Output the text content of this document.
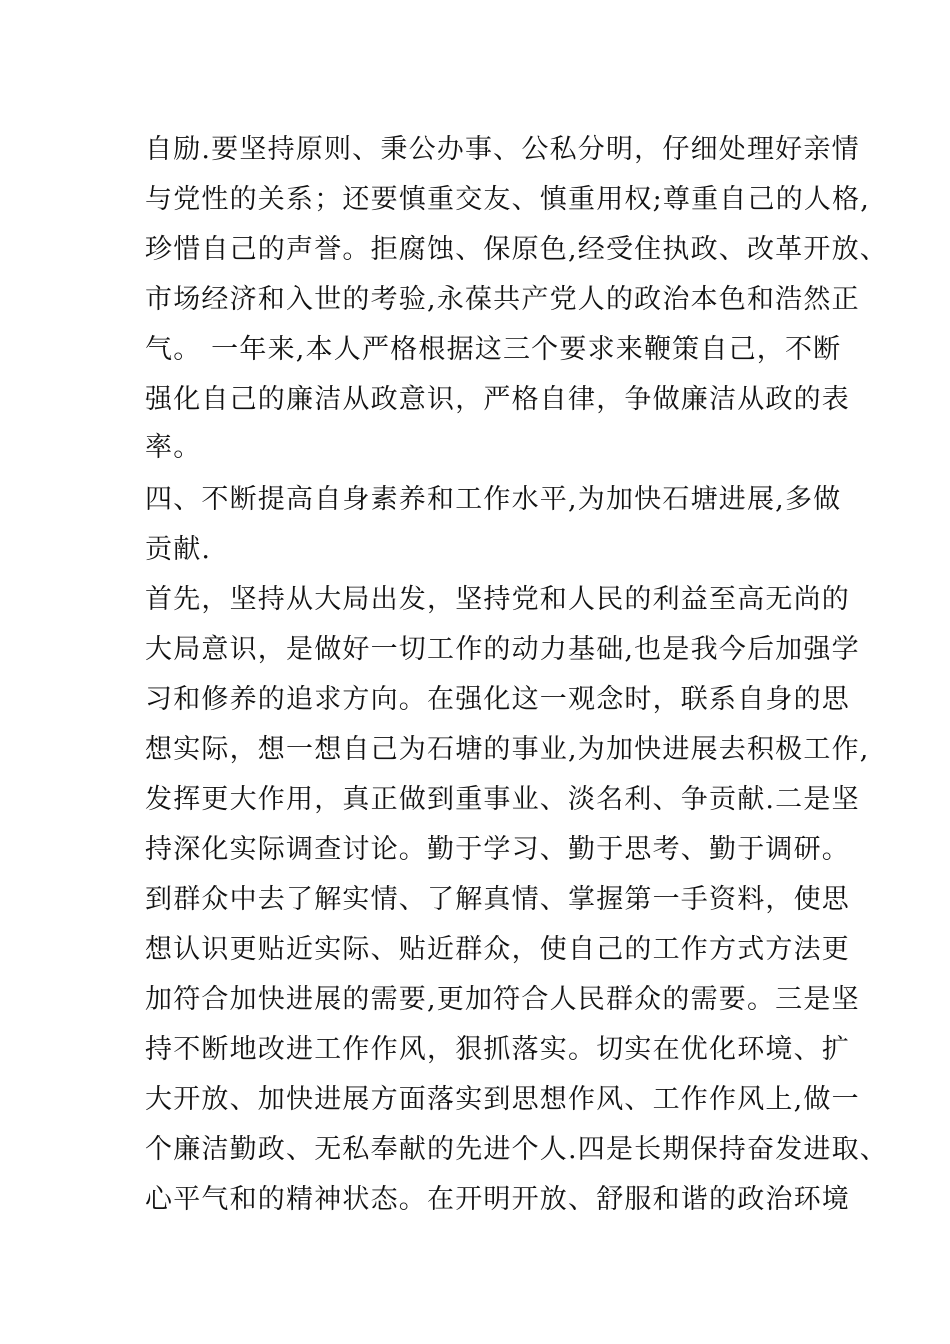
自励.要坚持原则、秉公办事、公私分明，仔细处理好亲情
与党性的关系；还要慎重交友、慎重用权;尊重自己的人格,
珍惜自己的声誉。拒腐蚀、保原色,经受住执政、改革开放、
市场经济和入世的考验,永葆共产党人的政治本色和浩然正
气。 一年来,本人严格根据这三个要求来鞭策自己，不断
强化自己的廉洁从政意识，严格自律，争做廉洁从政的表
率。
四、不断提高自身素养和工作水平,为加快石塘进展,多做
贡献.
首先，坚持从大局出发，坚持党和人民的利益至高无尚的
大局意识，是做好一切工作的动力基础,也是我今后加强学
习和修养的追求方向。在强化这一观念时，联系自身的思
想实际，想一想自己为石塘的事业,为加快进展去积极工作,
发挥更大作用，真正做到重事业、淡名利、争贡献.二是坚
持深化实际调查讨论。勤于学习、勤于思考、勤于调研。
到群众中去了解实情、了解真情、掌握第一手资料，使思
想认识更贴近实际、贴近群众，使自己的工作方式方法更
加符合加快进展的需要,更加符合人民群众的需要。三是坚
持不断地改进工作作风，狠抓落实。切实在优化环境、扩
大开放、加快进展方面落实到思想作风、工作作风上,做一
个廉洁勤政、无私奉献的先进个人.四是长期保持奋发进取、
心平气和的精神状态。在开明开放、舒服和谐的政治环境
